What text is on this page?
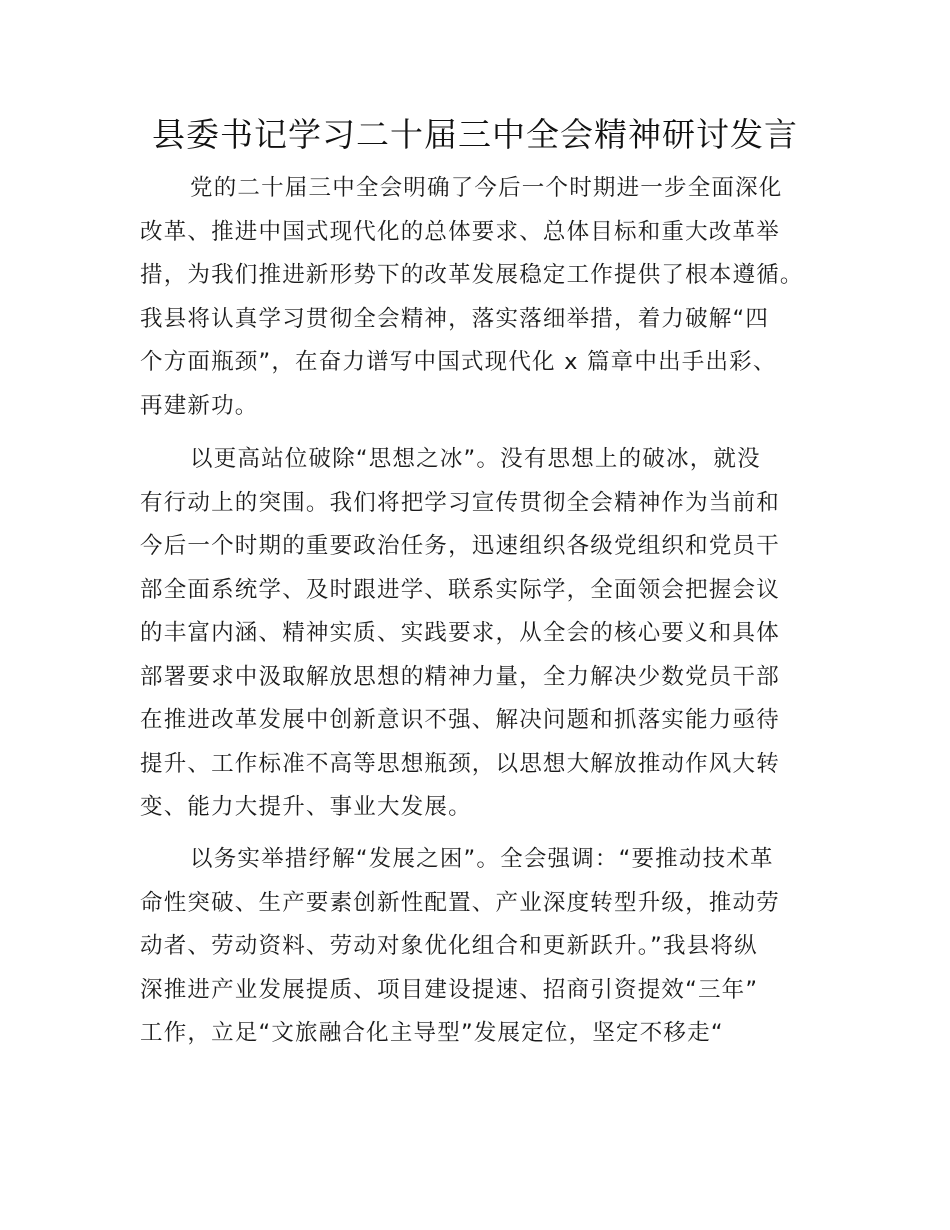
县委书记学习二十届三中全会精神研讨发言
党的二十届三中全会明确了今后一个时期进一步全面深化
改革、推进中国式现代化的总体要求、总体目标和重大改革举
措，为我们推进新形势下的改革发展稳定工作提供了根本遵循。
我县将认真学习贯彻全会精神，落实落细举措，着力破解“四
个方面瓶颈”，在奋力谱写中国式现代化 x 篇章中出手出彩、
再建新功。
以更高站位破除“思想之冰”。没有思想上的破冰，就没
有行动上的突围。我们将把学习宣传贯彻全会精神作为当前和
今后一个时期的重要政治任务，迅速组织各级党组织和党员干
部全面系统学、及时跟进学、联系实际学，全面领会把握会议
的丰富内涵、精神实质、实践要求，从全会的核心要义和具体
部署要求中汲取解放思想的精神力量，全力解决少数党员干部
在推进改革发展中创新意识不强、解决问题和抓落实能力亟待
提升、工作标准不高等思想瓶颈，以思想大解放推动作风大转
变、能力大提升、事业大发展。
以务实举措纾解“发展之困”。全会强调：“要推动技术革
命性突破、生产要素创新性配置、产业深度转型升级，推动劳
动者、劳动资料、劳动对象优化组合和更新跃升。”我县将纵
深推进产业发展提质、项目建设提速、招商引资提效“三年”
工作，立足“文旅融合化主导型”发展定位，坚定不移走“
